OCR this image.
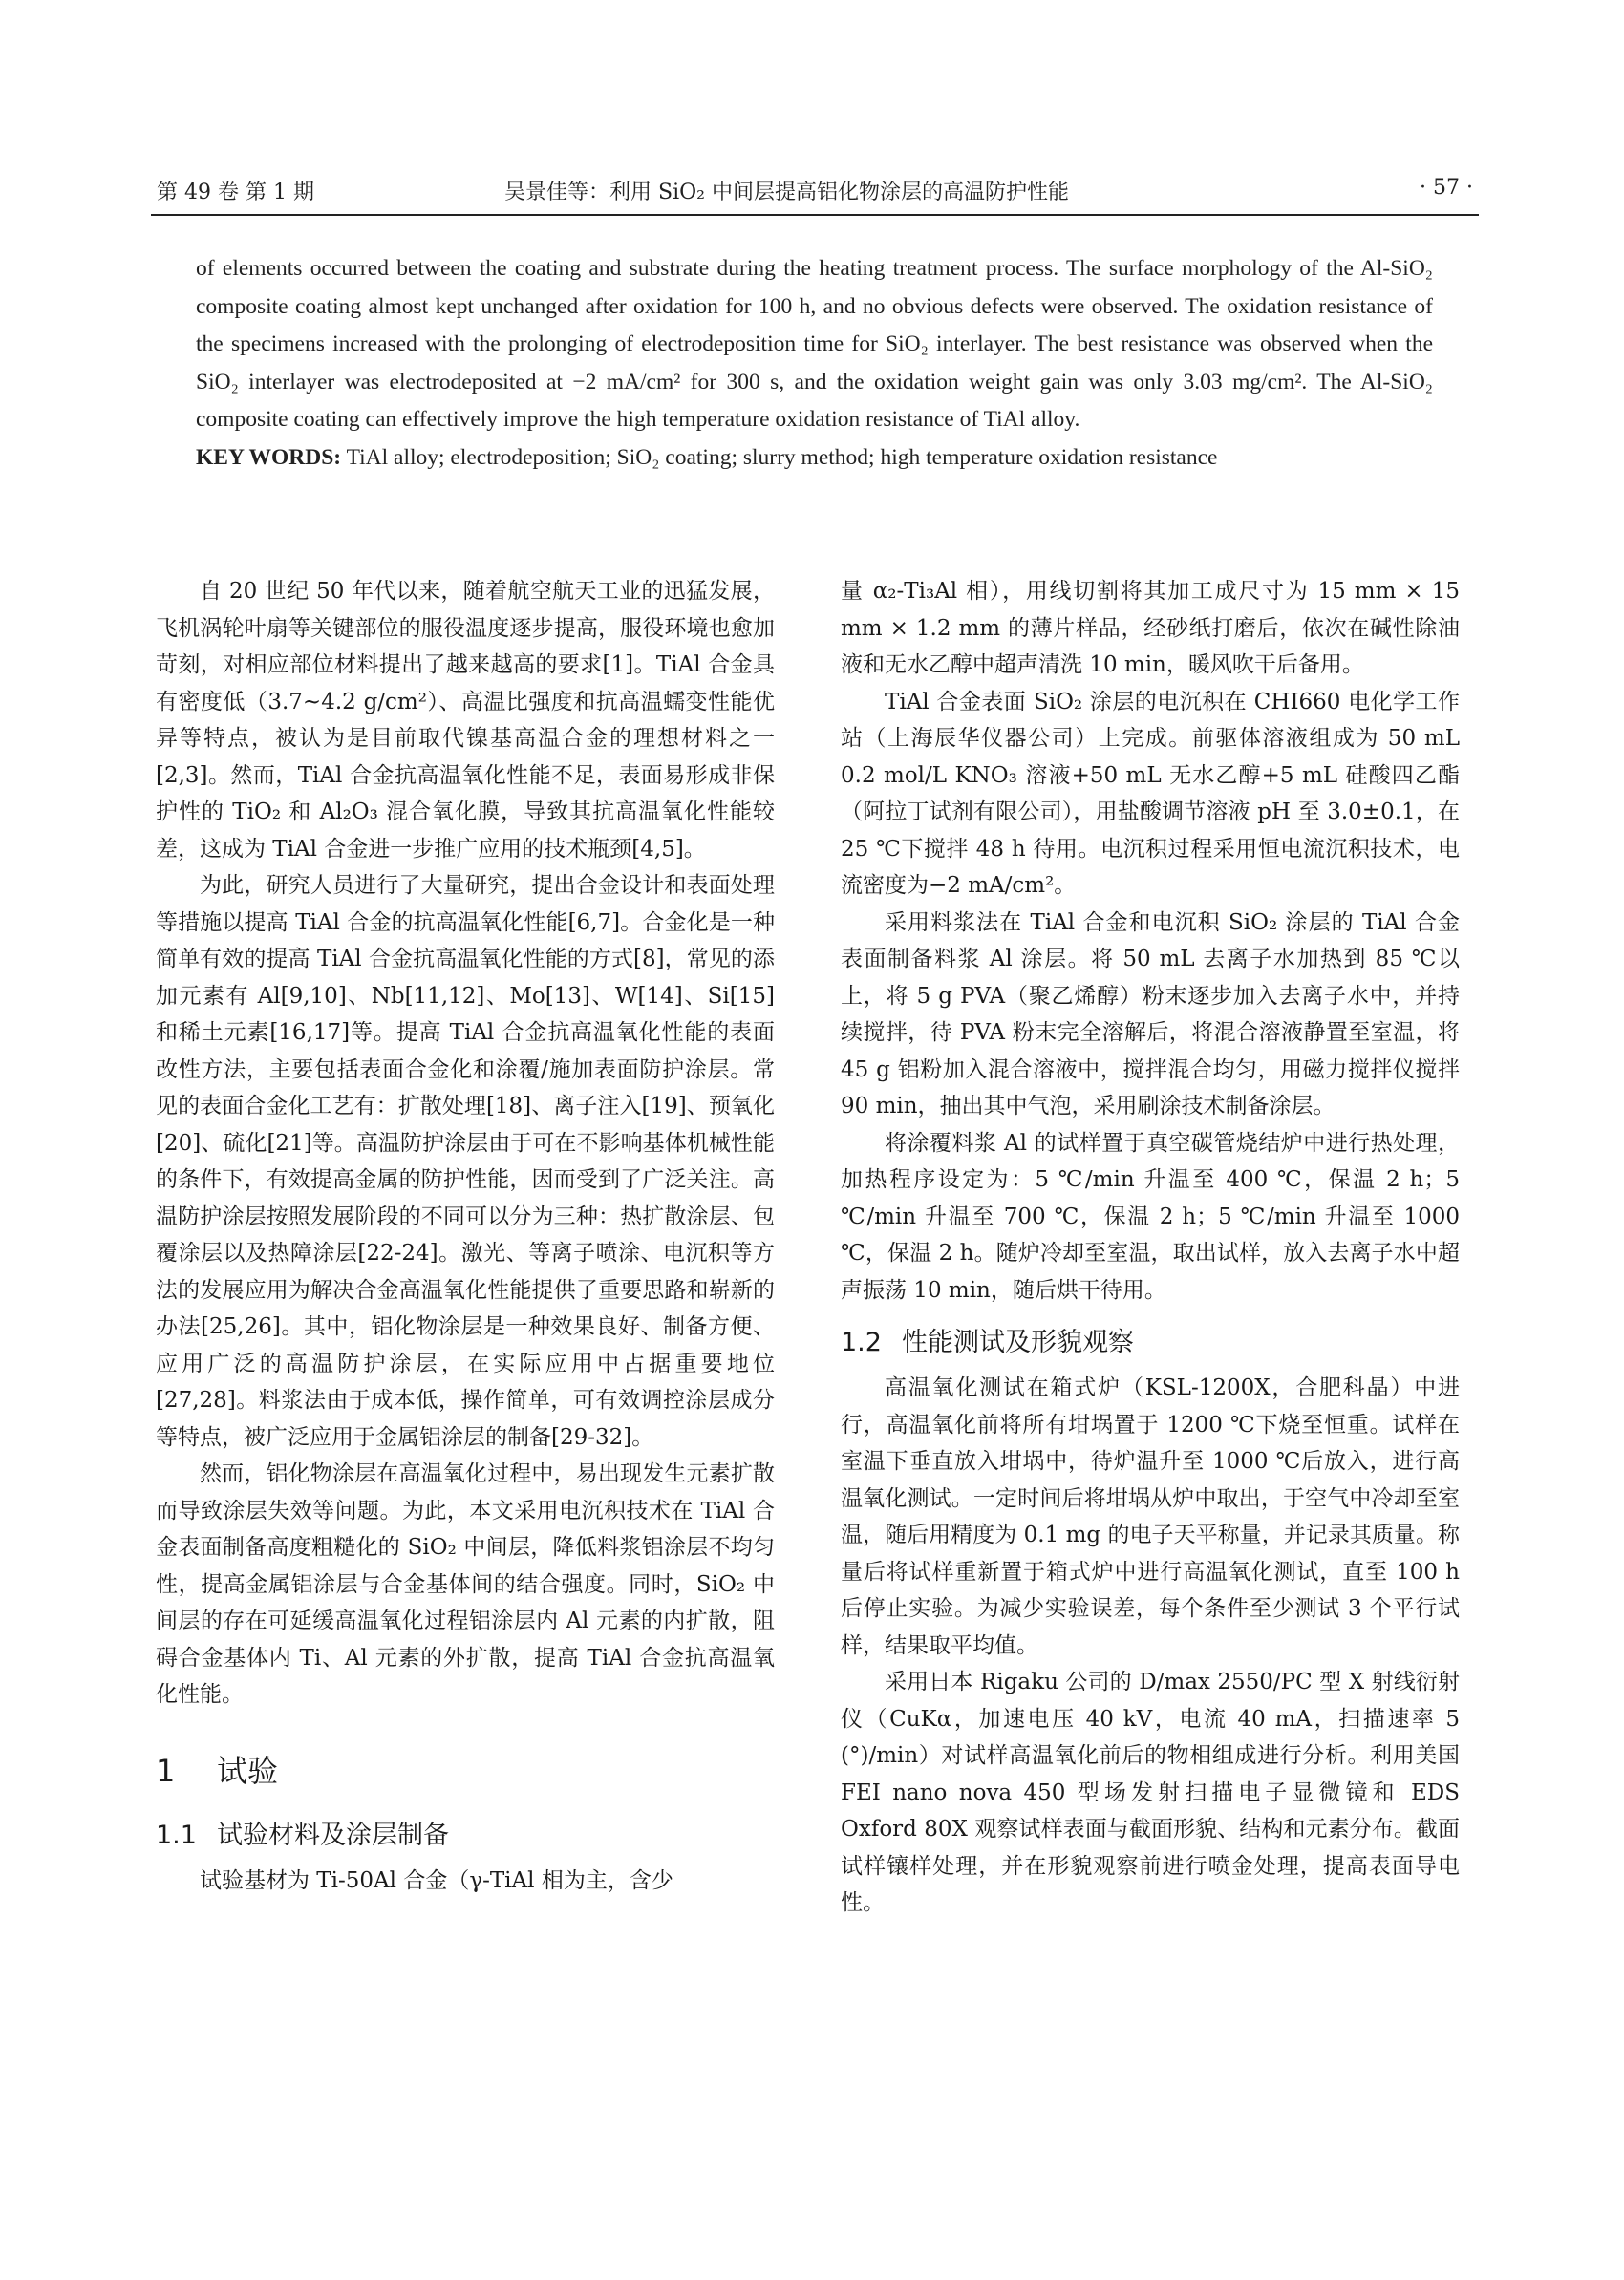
第 49 卷 第 1 期	吴景佳等：利用 SiO₂ 中间层提高铝化物涂层的高温防护性能	· 57 ·

of elements occurred between the coating and substrate during the heating treatment process. The surface morphology of the Al-SiO₂ composite coating almost kept unchanged after oxidation for 100 h, and no obvious defects were observed. The oxidation resistance of the specimens increased with the prolonging of electrodeposition time for SiO₂ interlayer. The best resistance was observed when the SiO₂ interlayer was electrodeposited at −2 mA/cm² for 300 s, and the oxidation weight gain was only 3.03 mg/cm². The Al-SiO₂ composite coating can effectively improve the high temperature oxidation resistance of TiAl alloy.

KEY WORDS: TiAl alloy; electrodeposition; SiO₂ coating; slurry method; high temperature oxidation resistance

自 20 世纪 50 年代以来，随着航空航天工业的迅猛发展，飞机涡轮叶扇等关键部位的服役温度逐步提高，服役环境也愈加苛刻，对相应部位材料提出了越来越高的要求[1]。TiAl 合金具有密度低（3.7~4.2 g/cm²）、高温比强度和抗高温蠕变性能优异等特点，被认为是目前取代镍基高温合金的理想材料之一[2,3]。然而，TiAl 合金抗高温氧化性能不足，表面易形成非保护性的 TiO₂ 和 Al₂O₃ 混合氧化膜，导致其抗高温氧化性能较差，这成为 TiAl 合金进一步推广应用的技术瓶颈[4,5]。

为此，研究人员进行了大量研究，提出合金设计和表面处理等措施以提高 TiAl 合金的抗高温氧化性能[6,7]。合金化是一种简单有效的提高 TiAl 合金抗高温氧化性能的方式[8]，常见的添加元素有 Al[9,10]、Nb[11,12]、Mo[13]、W[14]、Si[15]和稀土元素[16,17]等。提高 TiAl 合金抗高温氧化性能的表面改性方法，主要包括表面合金化和涂覆/施加表面防护涂层。常见的表面合金化工艺有：扩散处理[18]、离子注入[19]、预氧化[20]、硫化[21]等。高温防护涂层由于可在不影响基体机械性能的条件下，有效提高金属的防护性能，因而受到了广泛关注。高温防护涂层按照发展阶段的不同可以分为三种：热扩散涂层、包覆涂层以及热障涂层[22-24]。激光、等离子喷涂、电沉积等方法的发展应用为解决合金高温氧化性能提供了重要思路和崭新的办法[25,26]。其中，铝化物涂层是一种效果良好、制备方便、应用广泛的高温防护涂层，在实际应用中占据重要地位[27,28]。料浆法由于成本低，操作简单，可有效调控涂层成分等特点，被广泛应用于金属铝涂层的制备[29-32]。

然而，铝化物涂层在高温氧化过程中，易出现发生元素扩散而导致涂层失效等问题。为此，本文采用电沉积技术在 TiAl 合金表面制备高度粗糙化的 SiO₂ 中间层，降低料浆铝涂层不均匀性，提高金属铝涂层与合金基体间的结合强度。同时，SiO₂ 中间层的存在可延缓高温氧化过程铝涂层内 Al 元素的内扩散，阻碍合金基体内 Ti、Al 元素的外扩散，提高 TiAl 合金抗高温氧化性能。

1 试验
1.1 试验材料及涂层制备

试验基材为 Ti-50Al 合金（γ-TiAl 相为主，含少

量 α₂-Ti₃Al 相），用线切割将其加工成尺寸为 15 mm × 15 mm × 1.2 mm 的薄片样品，经砂纸打磨后，依次在碱性除油液和无水乙醇中超声清洗 10 min，暖风吹干后备用。

TiAl 合金表面 SiO₂ 涂层的电沉积在 CHI660 电化学工作站（上海辰华仪器公司）上完成。前驱体溶液组成为 50 mL 0.2 mol/L KNO₃ 溶液+50 mL 无水乙醇+5 mL 硅酸四乙酯（阿拉丁试剂有限公司），用盐酸调节溶液 pH 至 3.0±0.1，在 25 ℃下搅拌 48 h 待用。电沉积过程采用恒电流沉积技术，电流密度为−2 mA/cm²。

采用料浆法在 TiAl 合金和电沉积 SiO₂ 涂层的 TiAl 合金表面制备料浆 Al 涂层。将 50 mL 去离子水加热到 85 ℃以上，将 5 g PVA（聚乙烯醇）粉末逐步加入去离子水中，并持续搅拌，待 PVA 粉末完全溶解后，将混合溶液静置至室温，将 45 g 铝粉加入混合溶液中，搅拌混合均匀，用磁力搅拌仪搅拌 90 min，抽出其中气泡，采用刷涂技术制备涂层。

将涂覆料浆 Al 的试样置于真空碳管烧结炉中进行热处理，加热程序设定为：5 ℃/min 升温至 400 ℃，保温 2 h；5 ℃/min 升温至 700 ℃，保温 2 h；5 ℃/min 升温至 1000 ℃，保温 2 h。随炉冷却至室温，取出试样，放入去离子水中超声振荡 10 min，随后烘干待用。

1.2 性能测试及形貌观察

高温氧化测试在箱式炉（KSL-1200X，合肥科晶）中进行，高温氧化前将所有坩埚置于 1200 ℃下烧至恒重。试样在室温下垂直放入坩埚中，待炉温升至 1000 ℃后放入，进行高温氧化测试。一定时间后将坩埚从炉中取出，于空气中冷却至室温，随后用精度为 0.1 mg 的电子天平称量，并记录其质量。称量后将试样重新置于箱式炉中进行高温氧化测试，直至 100 h 后停止实验。为减少实验误差，每个条件至少测试 3 个平行试样，结果取平均值。

采用日本 Rigaku 公司的 D/max 2550/PC 型 X 射线衍射仪（CuKα，加速电压 40 kV，电流 40 mA，扫描速率 5 (°)/min）对试样高温氧化前后的物相组成进行分析。利用美国 FEI nano nova 450 型场发射扫描电子显微镜和 EDS Oxford 80X 观察试样表面与截面形貌、结构和元素分布。截面试样镶样处理，并在形貌观察前进行喷金处理，提高表面导电性。
